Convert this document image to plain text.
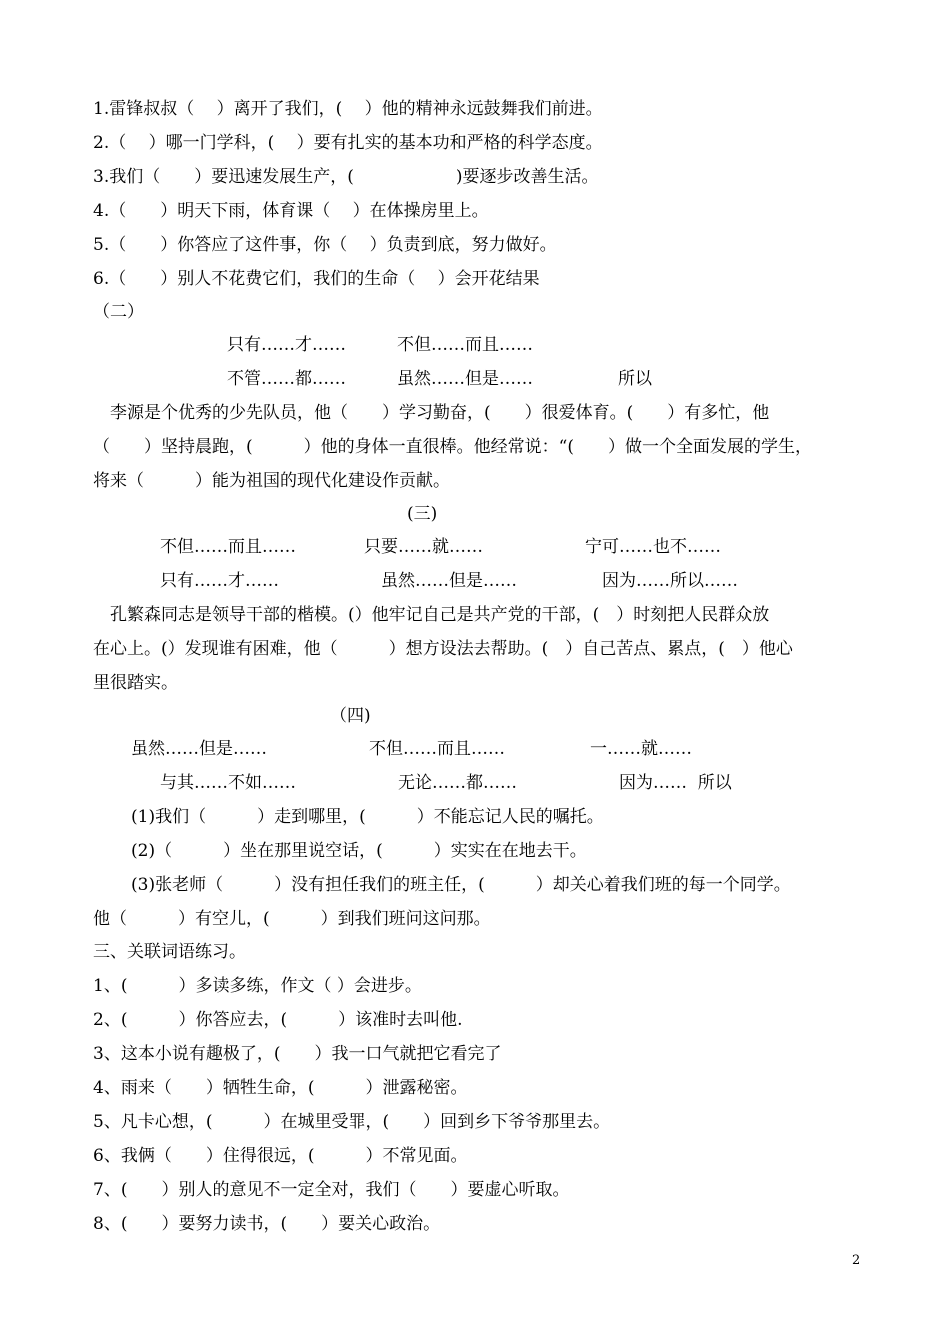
1.雷锋叔叔（　 ）离开了我们，(　 ）他的精神永远鼓舞我们前进。

2.（　 ）哪一门学科，(　 ）要有扎实的基本功和严格的科学态度。

3.我们（　　）要迅速发展生产，(　　　　　　)要逐步改善生活。

4.（　　）明天下雨，体育课（　 ）在体操房里上。

5.（　　）你答应了这件事，你（　 ）负责到底，努力做好。

6.（　　）别人不花费它们，我们的生命（　 ）会开花结果

（二）

只有……才……　　　不但……而且……

不管……都……　　　虽然……但是……　　　　　所以

　李源是个优秀的少先队员，他（　　）学习勤奋，(　　）很爱体育。(　　）有多忙，他

（　　）坚持晨跑，(　　　）他的身体一直很棒。他经常说：“(　　）做一个全面发展的学生，

将来（　　　）能为祖国的现代化建设作贡献。

(三)

不但……而且……　　　　只要……就……　　　　　　宁可……也不……

只有……才……　　　　　　虽然……但是……　　　　　因为……所以……

　孔繁森同志是领导干部的楷模。(）他牢记自己是共产党的干部，(　）时刻把人民群众放

在心上。(）发现谁有困难，他（　　　）想方设法去帮助。(　）自己苦点、累点，(　）他心

里很踏实。

（四)

虽然……但是……　　　　　　不但……而且……　　　　　一……就……

与其……不如……　　　　　　无论……都……　　　　　　因为……  所以

(1)我们（　　　）走到哪里，(　　　）不能忘记人民的嘱托。

(2)（　　　）坐在那里说空话，(　　　）实实在在地去干。

(3)张老师（　　　）没有担任我们的班主任，(　　　）却关心着我们班的每一个同学。

他（　　　）有空儿，(　　　）到我们班问这问那。

三、关联词语练习。

1、(　　　）多读多练，作文（ ）会进步。

2、(　　　）你答应去，(　　　）该准时去叫他.

3、这本小说有趣极了，(　　）我一口气就把它看完了

4、雨来（　　）牺牲生命，(　　　）泄露秘密。

5、凡卡心想，(　　　）在城里受罪，(　　）回到乡下爷爷那里去。

6、我俩（　　）住得很远，(　　　）不常见面。

7、(　　）别人的意见不一定全对，我们（　　）要虚心听取。

8、(　　）要努力读书，(　　）要关心政治。

2
